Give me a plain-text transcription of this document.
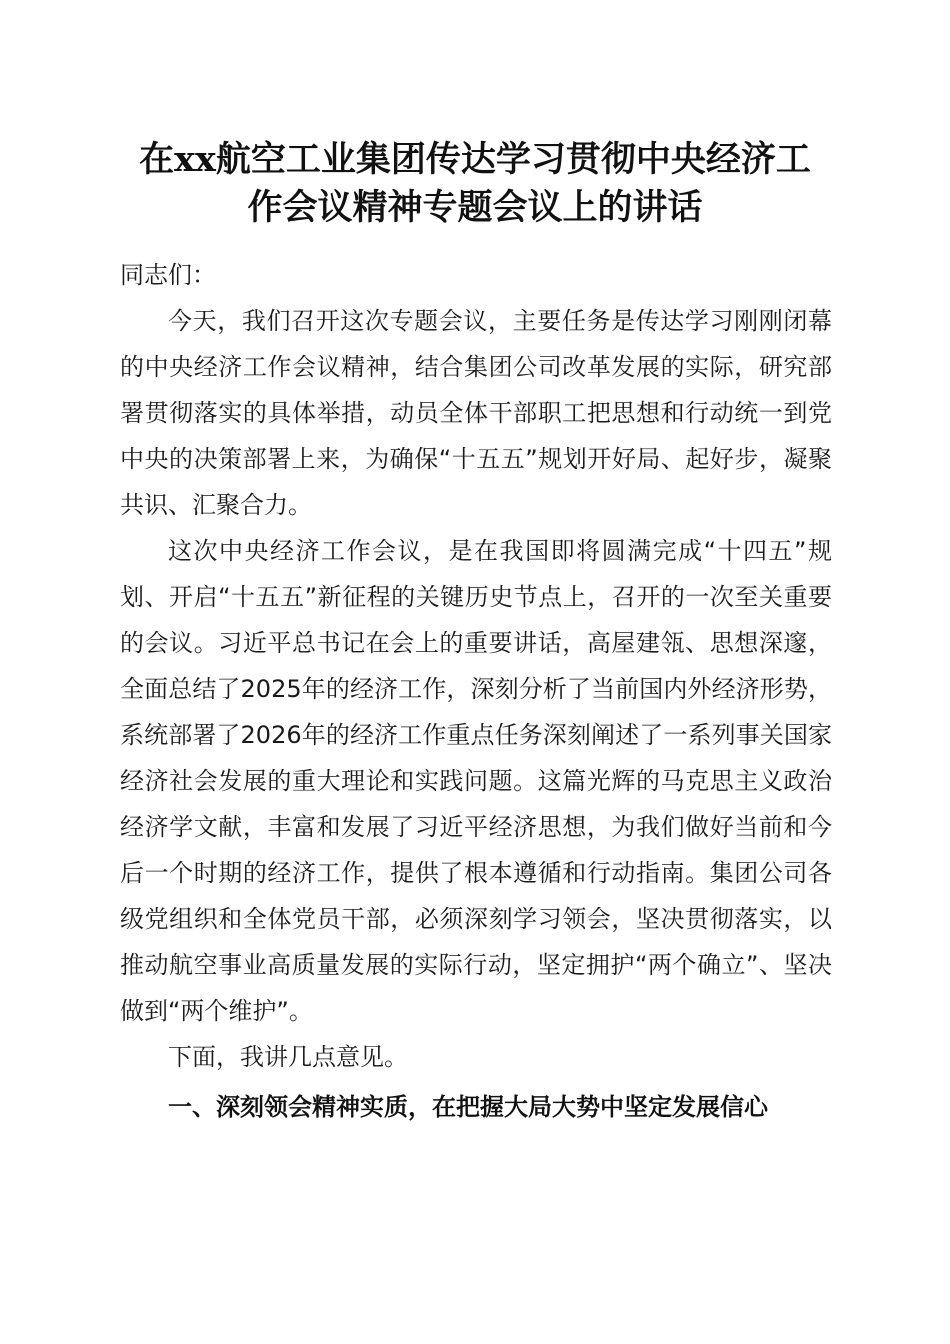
在xx航空工业集团传达学习贯彻中央经济工
作会议精神专题会议上的讲话

同志们：

今天，我们召开这次专题会议，主要任务是传达学习刚刚闭幕的中央经济工作会议精神，结合集团公司改革发展的实际，研究部署贯彻落实的具体举措，动员全体干部职工把思想和行动统一到党中央的决策部署上来，为确保“十五五”规划开好局、起好步，凝聚共识、汇聚合力。

这次中央经济工作会议，是在我国即将圆满完成“十四五”规划、开启“十五五”新征程的关键历史节点上，召开的一次至关重要的会议。习近平总书记在会上的重要讲话，高屋建瓴、思想深邃，全面总结了2025年的经济工作，深刻分析了当前国内外经济形势，系统部署了2026年的经济工作重点任务深刻阐述了一系列事关国家经济社会发展的重大理论和实践问题。这篇光辉的马克思主义政治经济学文献，丰富和发展了习近平经济思想，为我们做好当前和今后一个时期的经济工作，提供了根本遵循和行动指南。集团公司各级党组织和全体党员干部，必须深刻学习领会，坚决贯彻落实，以推动航空事业高质量发展的实际行动，坚定拥护“两个确立”、坚决做到“两个维护”。

下面，我讲几点意见。

一、深刻领会精神实质，在把握大局大势中坚定发展信心
